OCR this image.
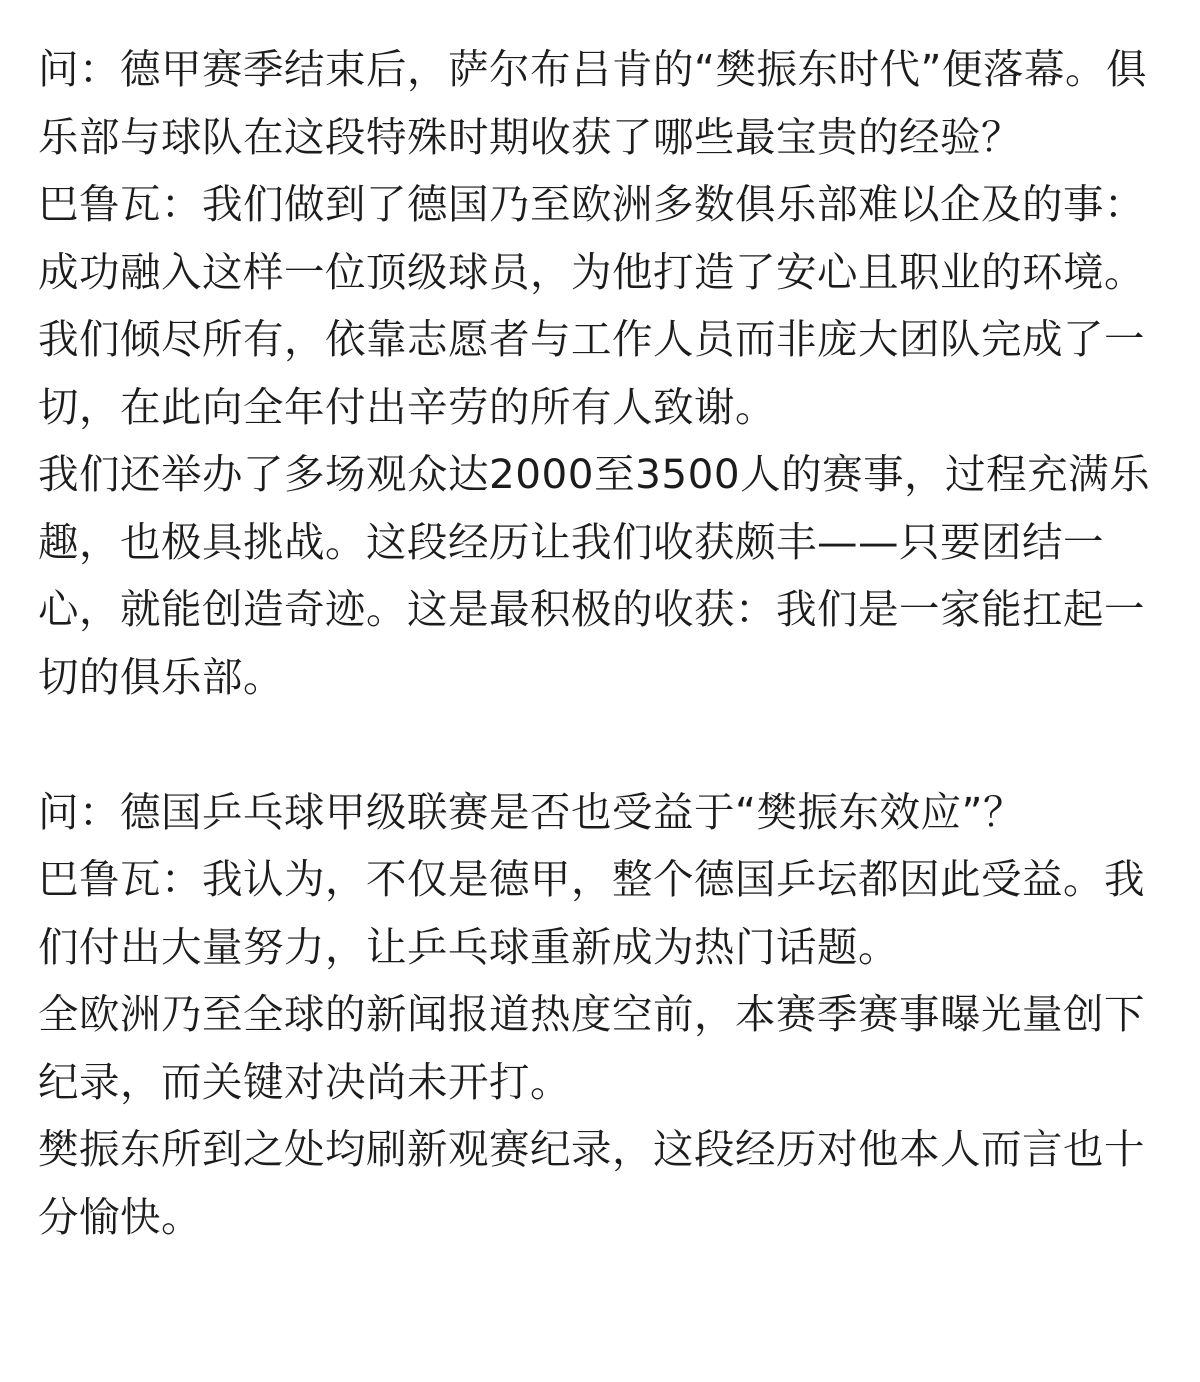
问：德甲赛季结束后，萨尔布吕肯的“樊振东时代”便落幕。俱乐部与球队在这段特殊时期收获了哪些最宝贵的经验？

巴鲁瓦：我们做到了德国乃至欧洲多数俱乐部难以企及的事：成功融入这样一位顶级球员，为他打造了安心且职业的环境。

我们倾尽所有，依靠志愿者与工作人员而非庞大团队完成了一切，在此向全年付出辛劳的所有人致谢。

我们还举办了多场观众达2000至3500人的赛事，过程充满乐趣，也极具挑战。这段经历让我们收获颇丰——只要团结一心，就能创造奇迹。这是最积极的收获：我们是一家能扛起一切的俱乐部。

问：德国乒乓球甲级联赛是否也受益于“樊振东效应”？

巴鲁瓦：我认为，不仅是德甲，整个德国乒坛都因此受益。我们付出大量努力，让乒乓球重新成为热门话题。

全欧洲乃至全球的新闻报道热度空前，本赛季赛事曝光量创下纪录，而关键对决尚未开打。

樊振东所到之处均刷新观赛纪录，这段经历对他本人而言也十分愉快。
